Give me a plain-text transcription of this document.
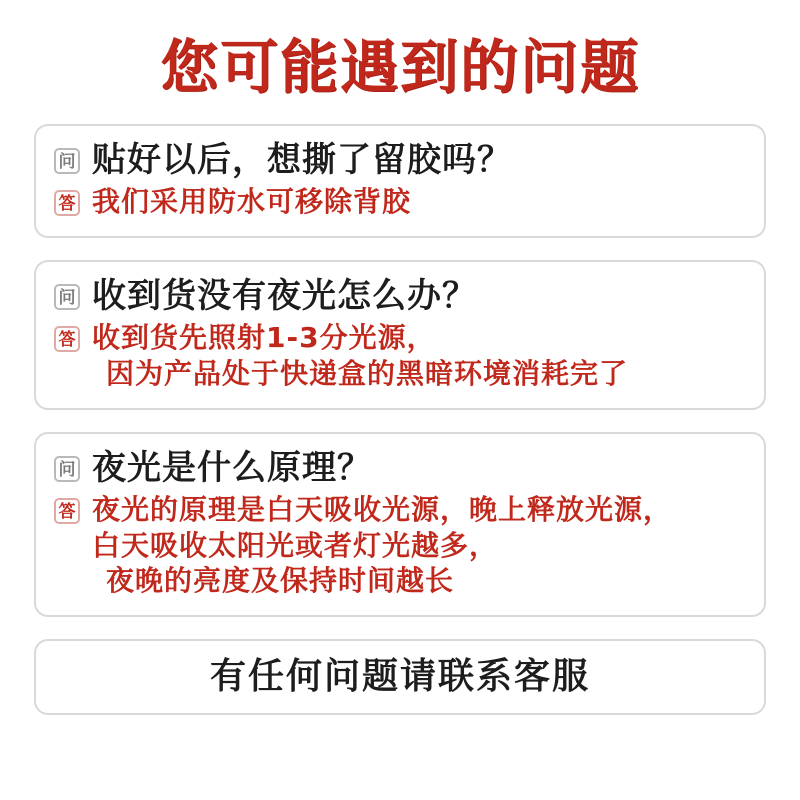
您可能遇到的问题
问 贴好以后，想撕了留胶吗？
答 我们采用防水可移除背胶
问 收到货没有夜光怎么办？
答 收到货先照射1-3分光源，
因为产品处于快递盒的黑暗环境消耗完了
问 夜光是什么原理？
答 夜光的原理是白天吸收光源，晚上释放光源，
白天吸收太阳光或者灯光越多，
夜晚的亮度及保持时间越长
有任何问题请联系客服
